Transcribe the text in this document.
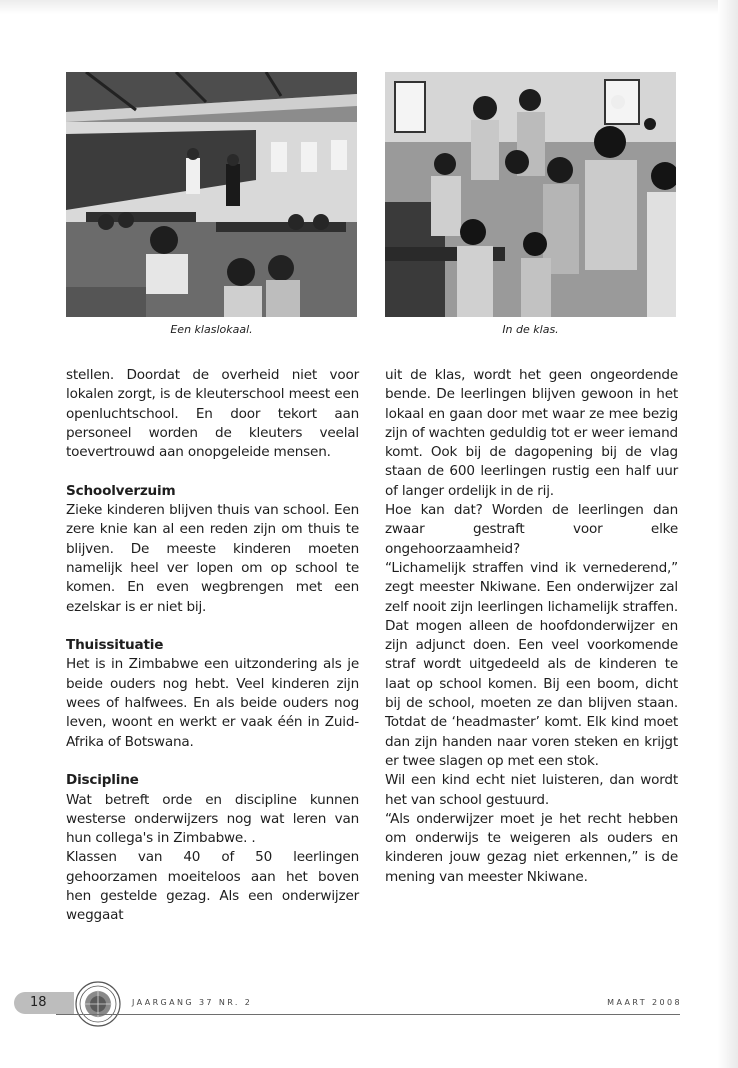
Een klaslokaal.	In de klas.

stellen. Doordat de overheid niet voor lokalen zorgt, is de kleuterschool meest een openluchtschool. En door tekort aan personeel worden de kleuters veelal toevertrouwd aan onopgeleide mensen.

Schoolverzuim

Zieke kinderen blijven thuis van school. Een zere knie kan al een reden zijn om thuis te blijven. De meeste kinderen moeten namelijk heel ver lopen om op school te komen. En even wegbrengen met een ezelskar is er niet bij.

Thuissituatie

Het is in Zimbabwe een uitzondering als je beide ouders nog hebt. Veel kinderen zijn wees of halfwees. En als beide ouders nog leven, woont en werkt er vaak één in Zuid-Afrika of Botswana.

Discipline

Wat betreft orde en discipline kunnen westerse onderwijzers nog wat leren van hun collega's in Zimbabwe. .

Klassen van 40 of 50 leerlingen gehoorzamen moeiteloos aan het boven hen gestelde gezag. Als een onderwijzer weggaat

uit de klas, wordt het geen ongeordende bende. De leerlingen blijven gewoon in het lokaal en gaan door met waar ze mee bezig zijn of wachten geduldig tot er weer iemand komt. Ook bij de dagopening bij de vlag staan de 600 leerlingen rustig een half uur of langer ordelijk in de rij.

Hoe kan dat? Worden de leerlingen dan zwaar gestraft voor elke ongehoorzaamheid?

“Lichamelijk straffen vind ik vernederend,” zegt meester Nkiwane. Een onderwijzer zal zelf nooit zijn leerlingen lichamelijk straffen. Dat mogen alleen de hoofdonderwijzer en zijn adjunct doen. Een veel voorkomende straf wordt uitgedeeld als de kinderen te laat op school komen. Bij een boom, dicht bij de school, moeten ze dan blijven staan. Totdat de ‘headmaster’ komt. Elk kind moet dan zijn handen naar voren steken en krijgt er twee slagen op met een stok.

Wil een kind echt niet luisteren, dan wordt het van school gestuurd.

“Als onderwijzer moet je het recht hebben om onderwijs te weigeren als ouders en kinderen jouw gezag niet erkennen,” is de mening van meester Nkiwane.

18	JAARGANG 37 NR. 2	MAART 2008
